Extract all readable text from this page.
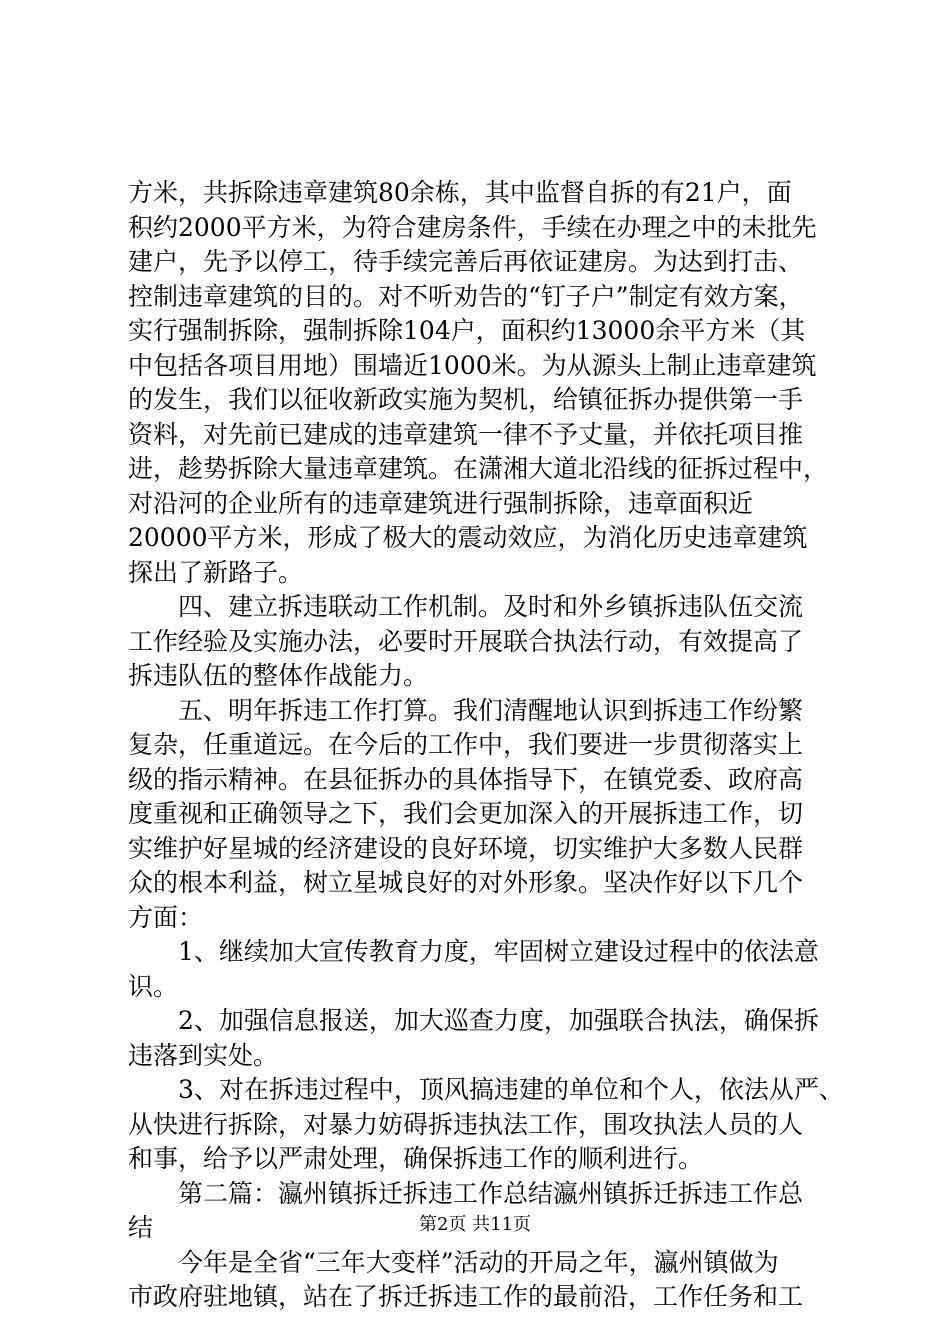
方米，共拆除违章建筑80余栋，其中监督自拆的有21户，面
积约2000平方米，为符合建房条件，手续在办理之中的未批先
建户，先予以停工，待手续完善后再依证建房。为达到打击、
控制违章建筑的目的。对不听劝告的“钉子户”制定有效方案，
实行强制拆除，强制拆除104户，面积约13000余平方米（其
中包括各项目用地）围墙近1000米。为从源头上制止违章建筑
的发生，我们以征收新政实施为契机，给镇征拆办提供第一手
资料，对先前已建成的违章建筑一律不予丈量，并依托项目推
进，趁势拆除大量违章建筑。在潇湘大道北沿线的征拆过程中，
对沿河的企业所有的违章建筑进行强制拆除，违章面积近
20000平方米，形成了极大的震动效应，为消化历史违章建筑
探出了新路子。
　　四、建立拆违联动工作机制。及时和外乡镇拆违队伍交流
工作经验及实施办法，必要时开展联合执法行动，有效提高了
拆违队伍的整体作战能力。
　　五、明年拆违工作打算。我们清醒地认识到拆违工作纷繁
复杂，任重道远。在今后的工作中，我们要进一步贯彻落实上
级的指示精神。在县征拆办的具体指导下，在镇党委、政府高
度重视和正确领导之下，我们会更加深入的开展拆违工作，切
实维护好星城的经济建设的良好环境，切实维护大多数人民群
众的根本利益，树立星城良好的对外形象。坚决作好以下几个
方面：
　　1、继续加大宣传教育力度，牢固树立建设过程中的依法意
识。
　　2、加强信息报送，加大巡查力度，加强联合执法，确保拆
违落到实处。
　　3、对在拆违过程中，顶风搞违建的单位和个人，依法从严、
从快进行拆除，对暴力妨碍拆违执法工作，围攻执法人员的人
和事，给予以严肃处理，确保拆违工作的顺利进行。
　　第二篇：瀛州镇拆迁拆违工作总结瀛州镇拆迁拆违工作总
结
　　今年是全省“三年大变样”活动的开局之年，瀛州镇做为
市政府驻地镇，站在了拆迁拆违工作的最前沿，工作任务和工
第2页 共11页
